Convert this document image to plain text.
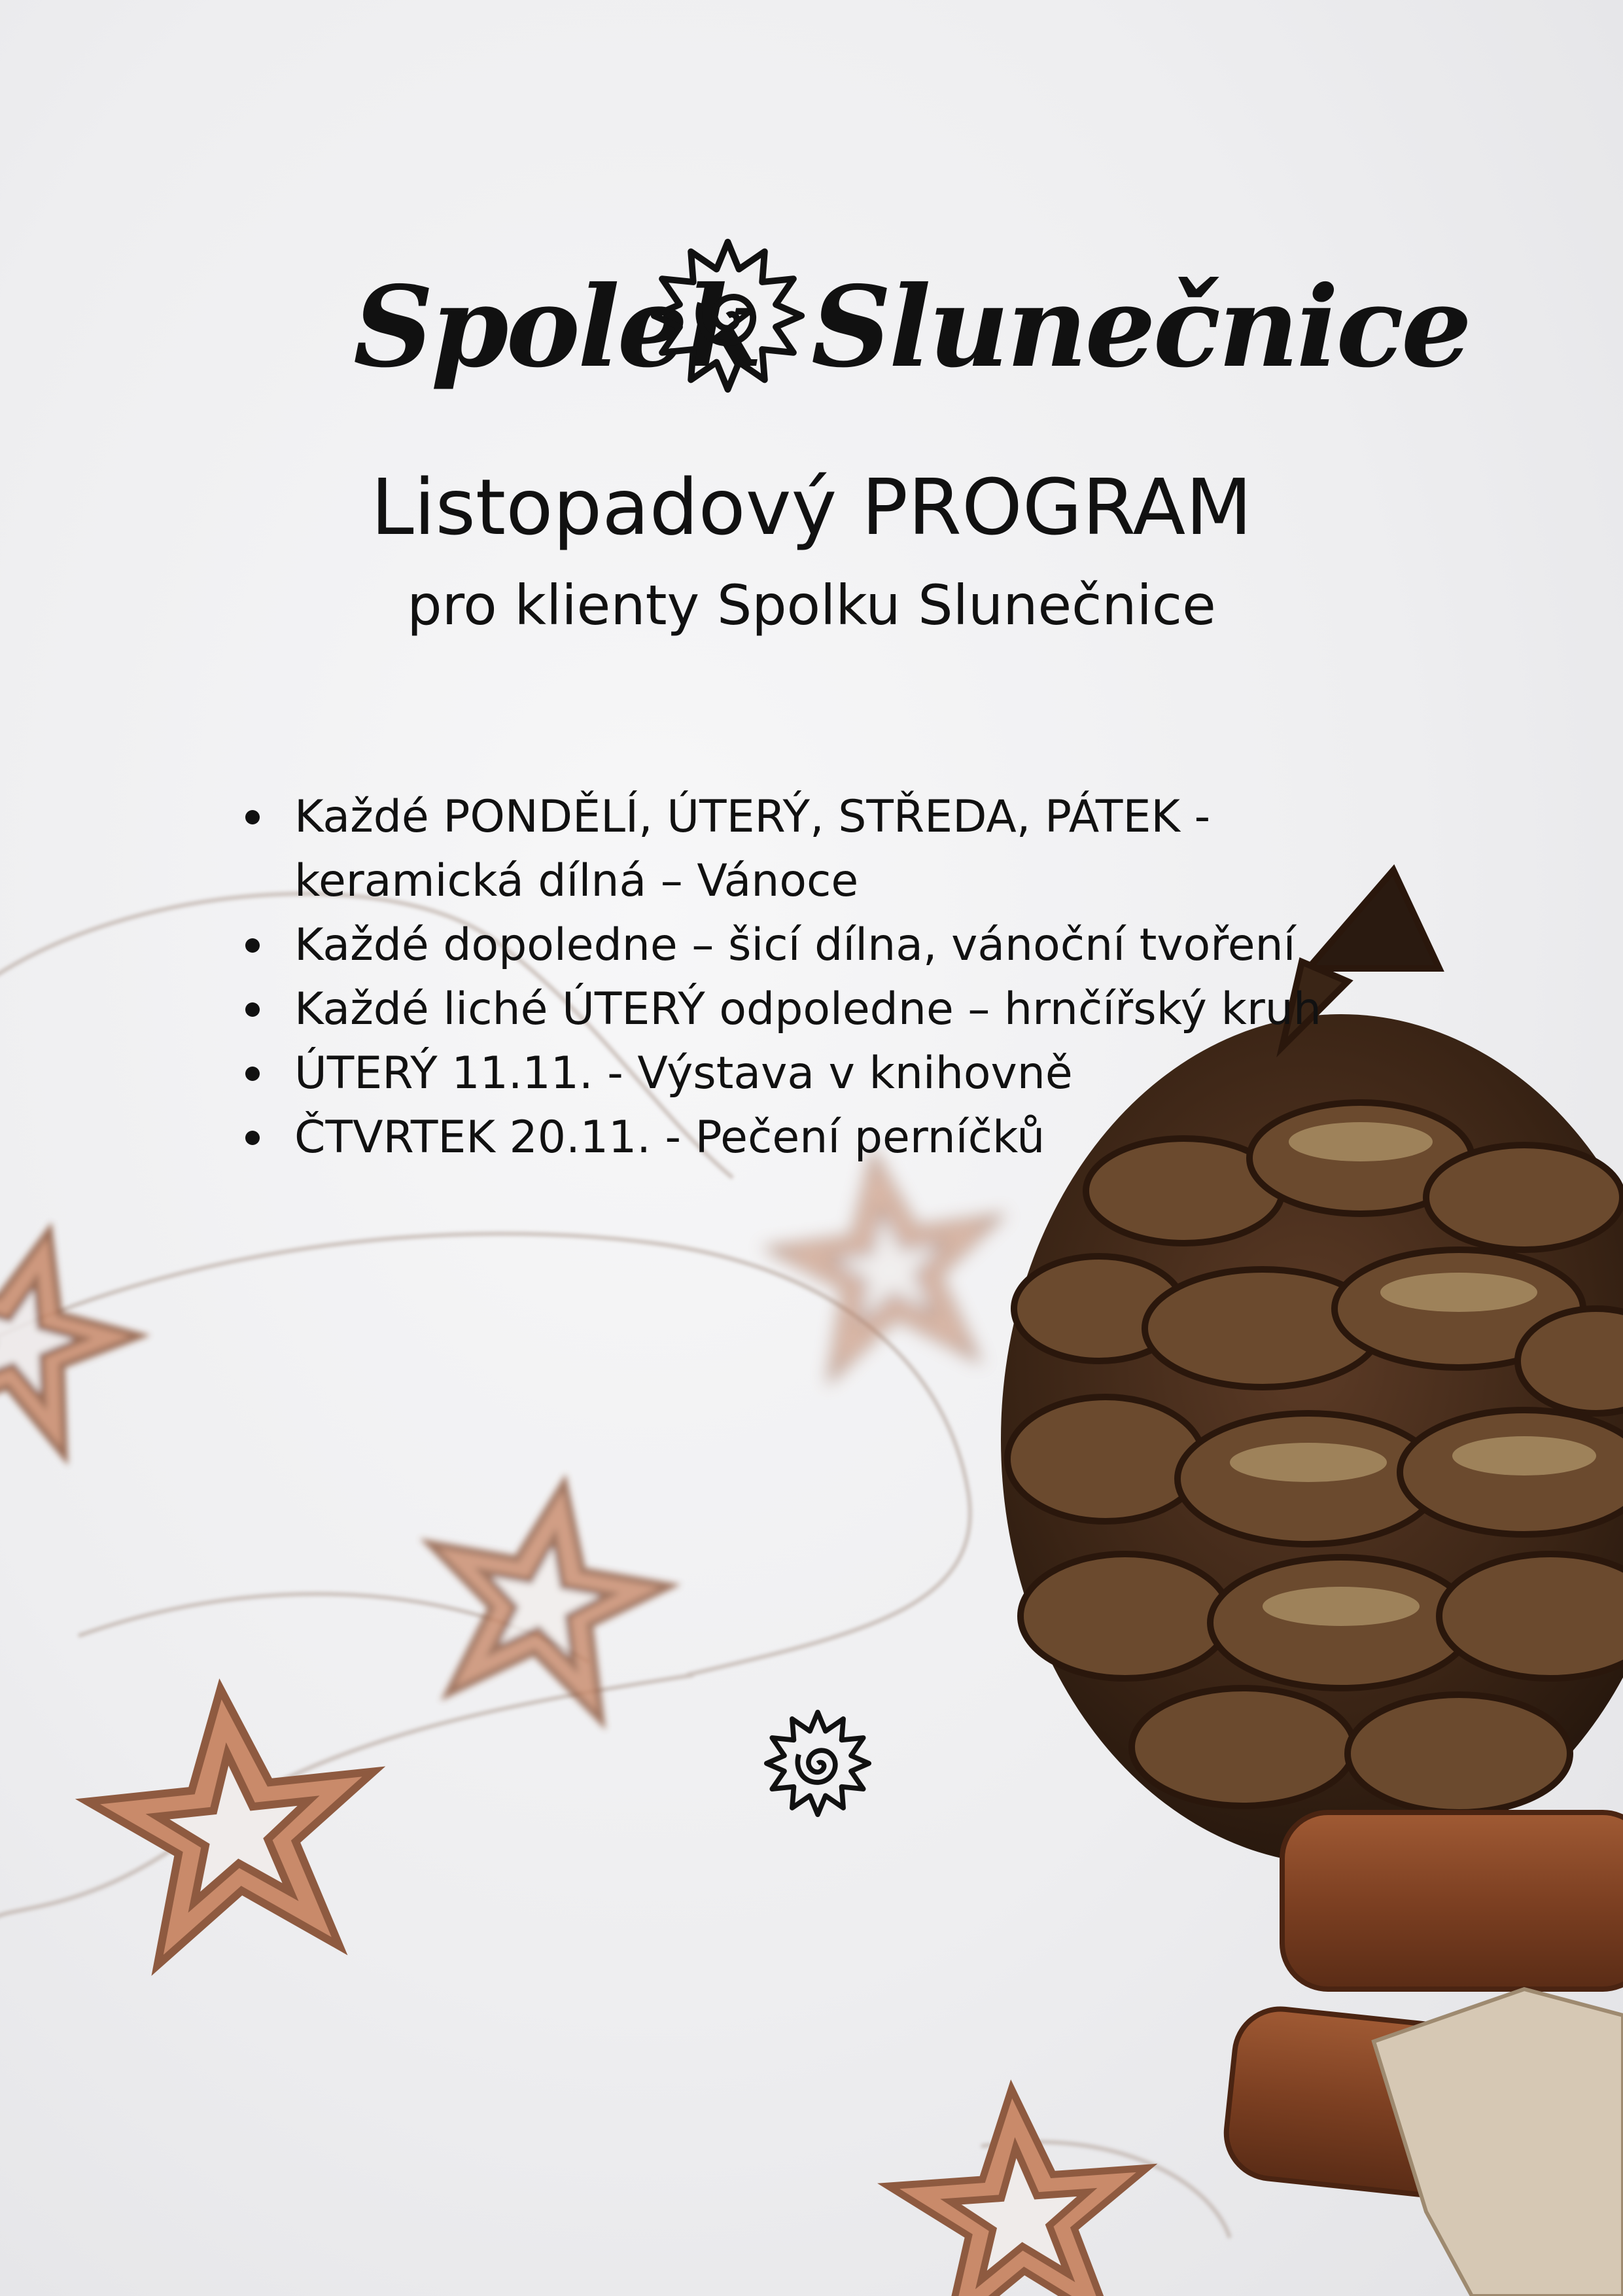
Spolek Slunečnice
Listopadový PROGRAM
pro klienty Spolku Slunečnice
Každé PONDĚLÍ, ÚTERÝ, STŘEDA, PÁTEK - keramická dílná – Vánoce
Každé dopoledne – šicí dílna, vánoční tvoření
Každé liché ÚTERÝ odpoledne – hrnčířský kruh
ÚTERÝ 11.11. - Výstava v knihovně
ČTVRTEK 20.11. - Pečení perníčků
